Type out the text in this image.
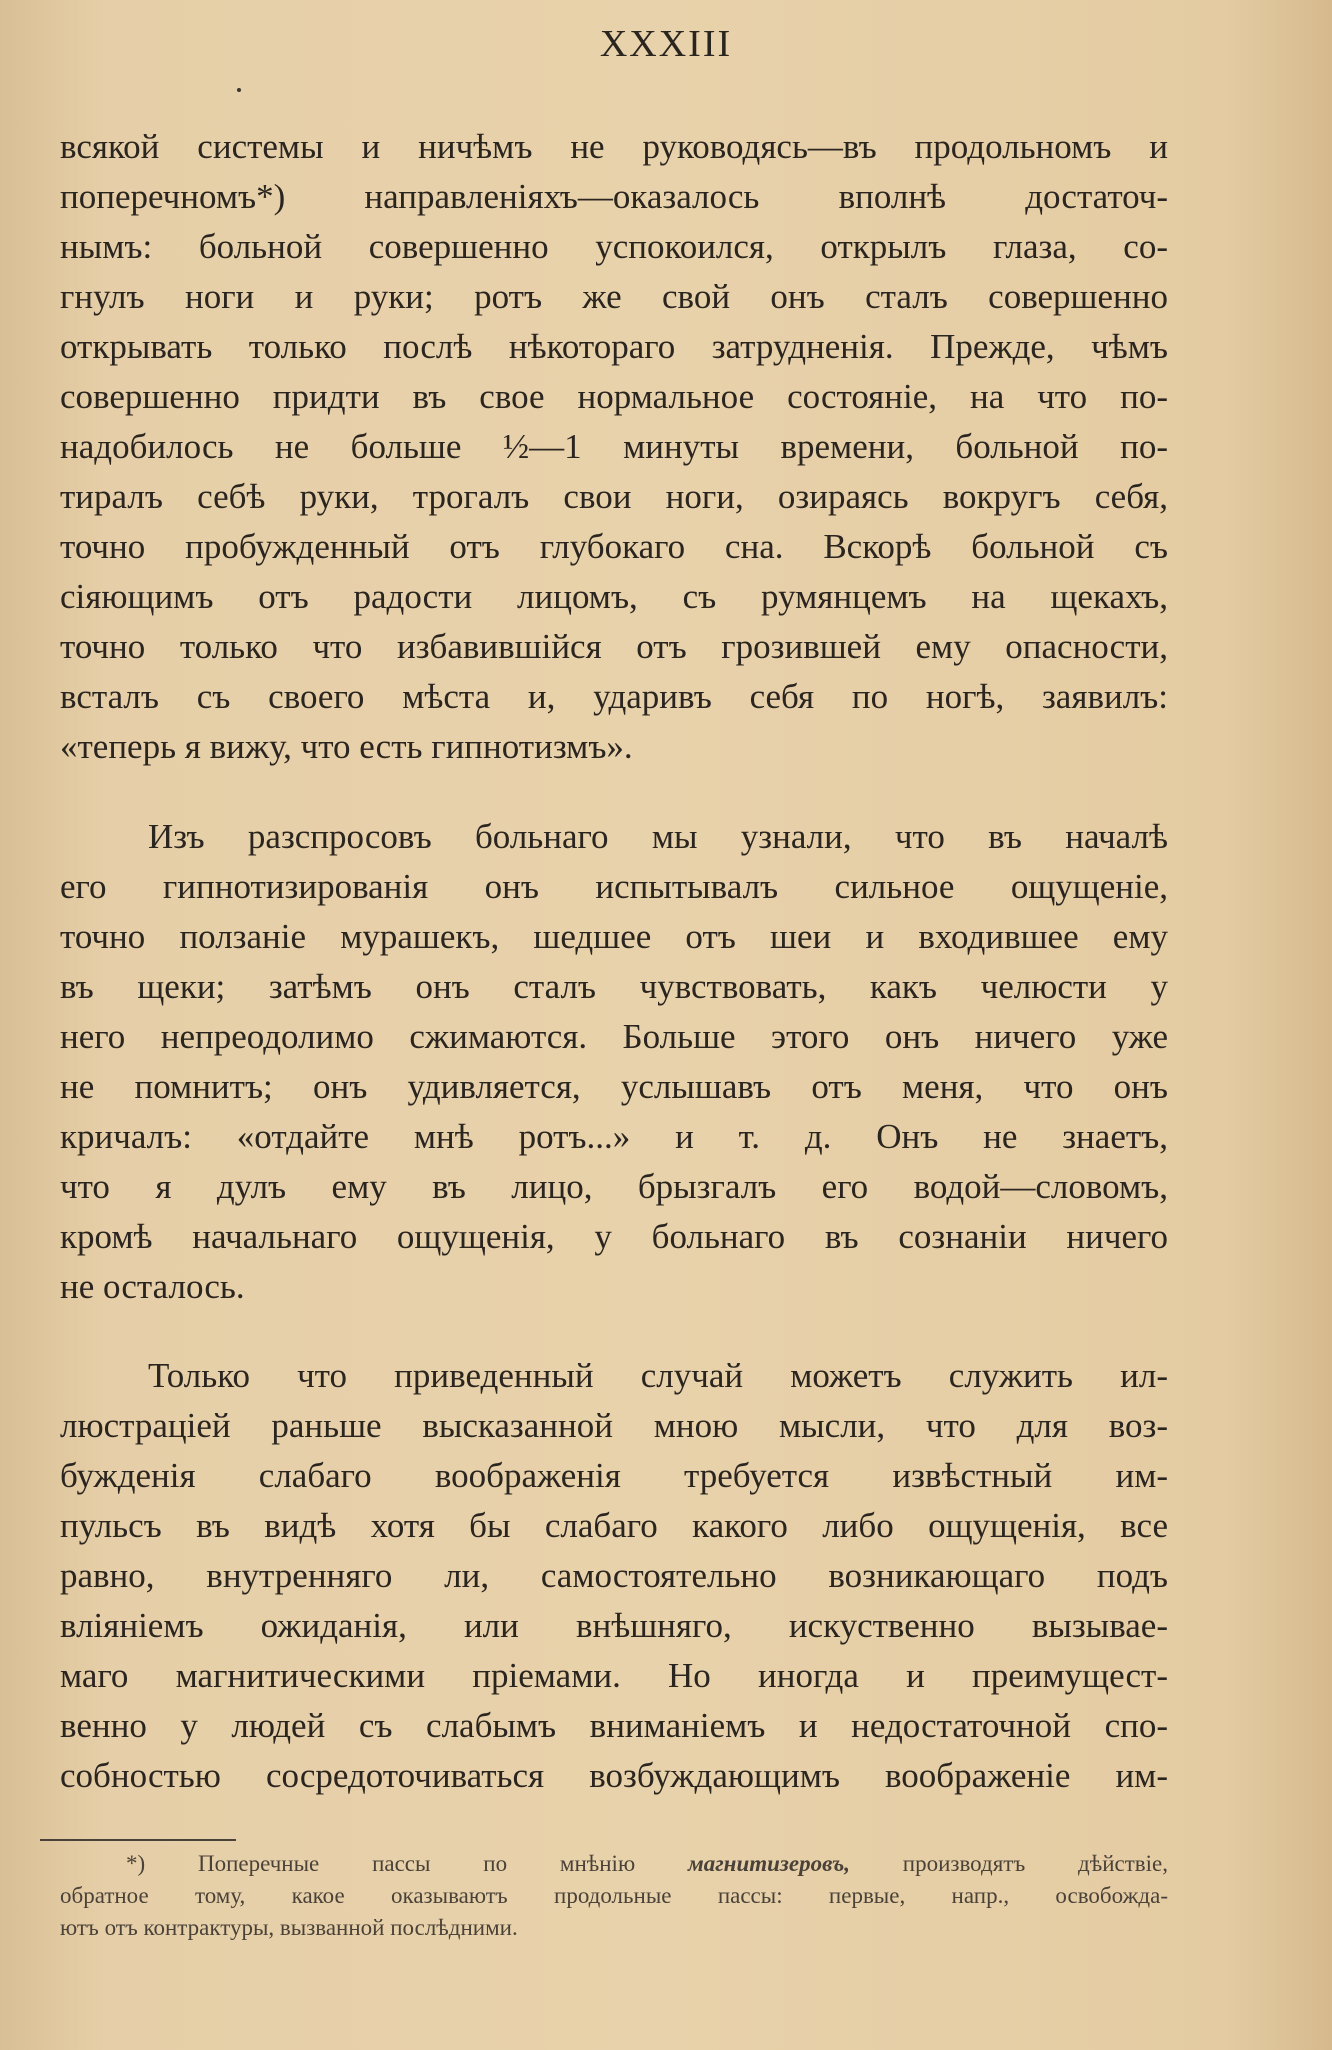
XXXIII
всякой системы и ничѣмъ не руководясь—въ продольномъ и
поперечномъ*) направленіяхъ—оказалось вполнѣ достаточ-
нымъ: больной совершенно успокоился, открылъ глаза, со-
гнулъ ноги и руки; ротъ же свой онъ сталъ совершенно
открывать только послѣ нѣкотораго затрудненія. Прежде, чѣмъ
совершенно придти въ свое нормальное состояніе, на что по-
надобилось не больше ½—1 минуты времени, больной по-
тиралъ себѣ руки, трогалъ свои ноги, озираясь вокругъ себя,
точно пробужденный отъ глубокаго сна. Вскорѣ больной съ
сіяющимъ отъ радости лицомъ, съ румянцемъ на щекахъ,
точно только что избавившійся отъ грозившей ему опасности,
всталъ съ своего мѣста и, ударивъ себя по ногѣ, заявилъ:
«теперь я вижу, что есть гипнотизмъ».
Изъ разспросовъ больнаго мы узнали, что въ началѣ
его гипнотизированія онъ испытывалъ сильное ощущеніе,
точно ползаніе мурашекъ, шедшее отъ шеи и входившее ему
въ щеки; затѣмъ онъ сталъ чувствовать, какъ челюсти у
него непреодолимо сжимаются. Больше этого онъ ничего уже
не помнитъ; онъ удивляется, услышавъ отъ меня, что онъ
кричалъ: «отдайте мнѣ ротъ...» и т. д. Онъ не знаетъ,
что я дулъ ему въ лицо, брызгалъ его водой—словомъ,
кромѣ начальнаго ощущенія, у больнаго въ сознаніи ничего
не осталось.
Только что приведенный случай можетъ служить ил-
люстраціей раньше высказанной мною мысли, что для воз-
бужденія слабаго воображенія требуется извѣстный им-
пульсъ въ видѣ хотя бы слабаго какого либо ощущенія, все
равно, внутренняго ли, самостоятельно возникающаго подъ
вліяніемъ ожиданія, или внѣшняго, искуственно вызывае-
маго магнитическими пріемами. Но иногда и преимущест-
венно у людей съ слабымъ вниманіемъ и недостаточной спо-
собностью сосредоточиваться возбуждающимъ воображеніе им-
*) Поперечные пассы по мнѣнію магнитизеровъ, производятъ дѣйствіе,
обратное тому, какое оказываютъ продольные пассы: первые, напр., освобожда-
ютъ отъ контрактуры, вызванной послѣдними.
